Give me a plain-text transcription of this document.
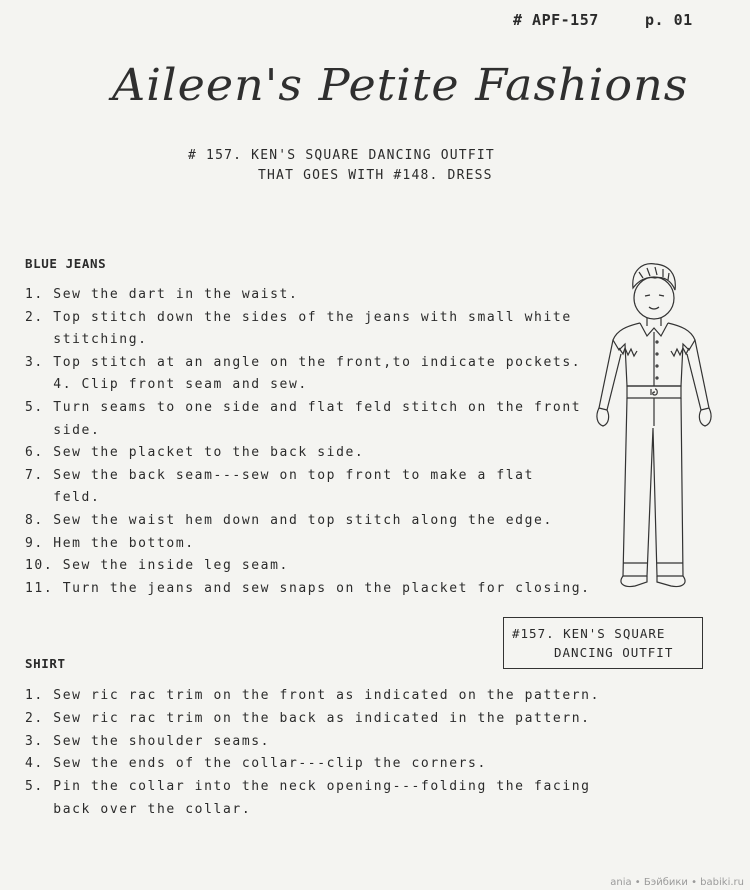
# APF-157	p. 01
Aileen's Petite Fashions
# 157. KEN'S SQUARE DANCING OUTFIT
THAT GOES WITH #148. DRESS
BLUE JEANS
1. Sew the dart in the waist.
2. Top stitch down the sides of the jeans with small white
stitching.
3. Top stitch at an angle on the front,to indicate pockets.
4. Clip front seam and sew.
5. Turn seams to one side and flat feld stitch on the front
side.
6. Sew the placket to the back side.
7. Sew the back seam---sew on top front to make a flat
feld.
8. Sew the waist hem down and top stitch along the edge.
9. Hem the bottom.
10. Sew the inside leg seam.
11. Turn the jeans and sew snaps on the placket for closing.
#157. KEN'S SQUARE
DANCING OUTFIT
SHIRT
1. Sew ric rac trim on the front as indicated on the pattern.
2. Sew ric rac trim on the back as indicated in the pattern.
3. Sew the shoulder seams.
4. Sew the ends of the collar---clip the corners.
5. Pin the collar into the neck opening---folding the facing
back over the collar.
ania • Бэйбики • babiki.ru
